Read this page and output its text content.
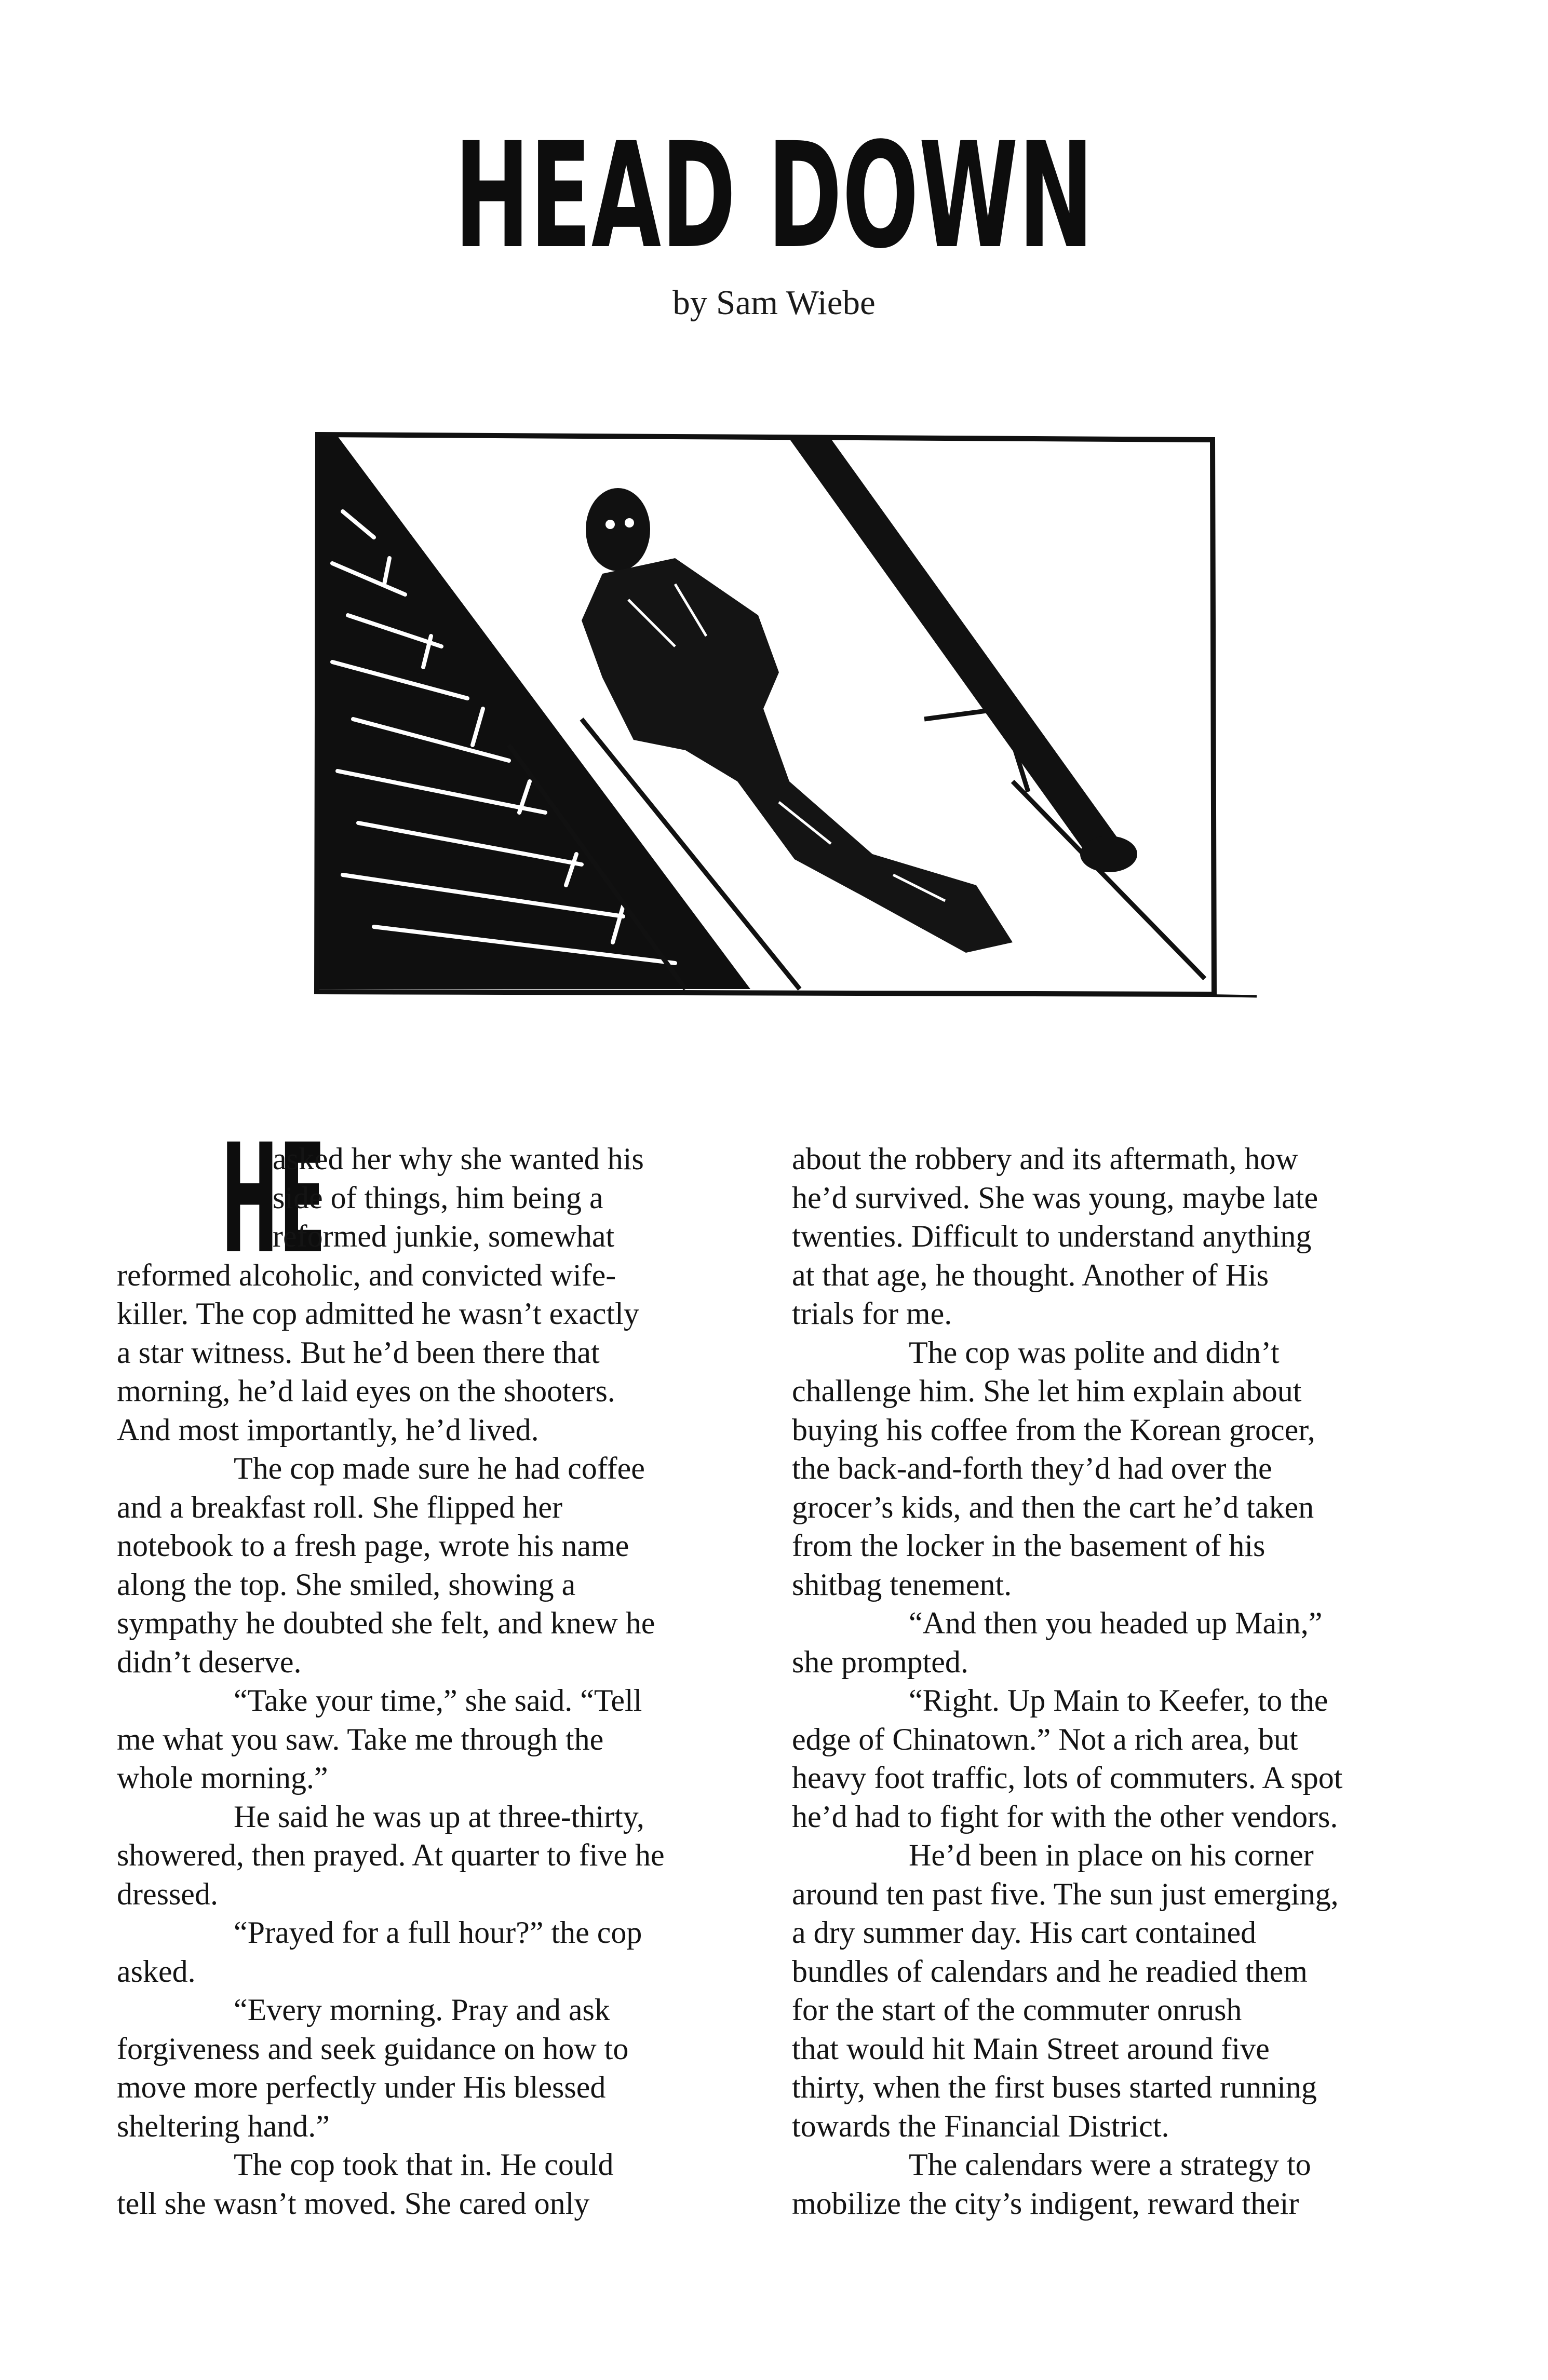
HEAD DOWN
by Sam Wiebe
HE
asked her why she wanted his
side of things, him being a
reformed junkie, somewhat
reformed alcoholic, and convicted wife-
killer. The cop admitted he wasn’t exactly
a star witness. But he’d been there that
morning, he’d laid eyes on the shooters.
And most importantly, he’d lived.
The cop made sure he had coffee
and a breakfast roll. She flipped her
notebook to a fresh page, wrote his name
along the top. She smiled, showing a
sympathy he doubted she felt, and knew he
didn’t deserve.
“Take your time,” she said. “Tell
me what you saw. Take me through the
whole morning.”
He said he was up at three-thirty,
showered, then prayed. At quarter to five he
dressed.
“Prayed for a full hour?” the cop
asked.
“Every morning. Pray and ask
forgiveness and seek guidance on how to
move more perfectly under His blessed
sheltering hand.”
The cop took that in. He could
tell she wasn’t moved. She cared only
about the robbery and its aftermath, how
he’d survived. She was young, maybe late
twenties. Difficult to understand anything
at that age, he thought. Another of His
trials for me.
The cop was polite and didn’t
challenge him. She let him explain about
buying his coffee from the Korean grocer,
the back-and-forth they’d had over the
grocer’s kids, and then the cart he’d taken
from the locker in the basement of his
shitbag tenement.
“And then you headed up Main,”
she prompted.
“Right. Up Main to Keefer, to the
edge of Chinatown.” Not a rich area, but
heavy foot traffic, lots of commuters. A spot
he’d had to fight for with the other vendors.
He’d been in place on his corner
around ten past five. The sun just emerging,
a dry summer day. His cart contained
bundles of calendars and he readied them
for the start of the commuter onrush
that would hit Main Street around five
thirty, when the first buses started running
towards the Financial District.
The calendars were a strategy to
mobilize the city’s indigent, reward their
